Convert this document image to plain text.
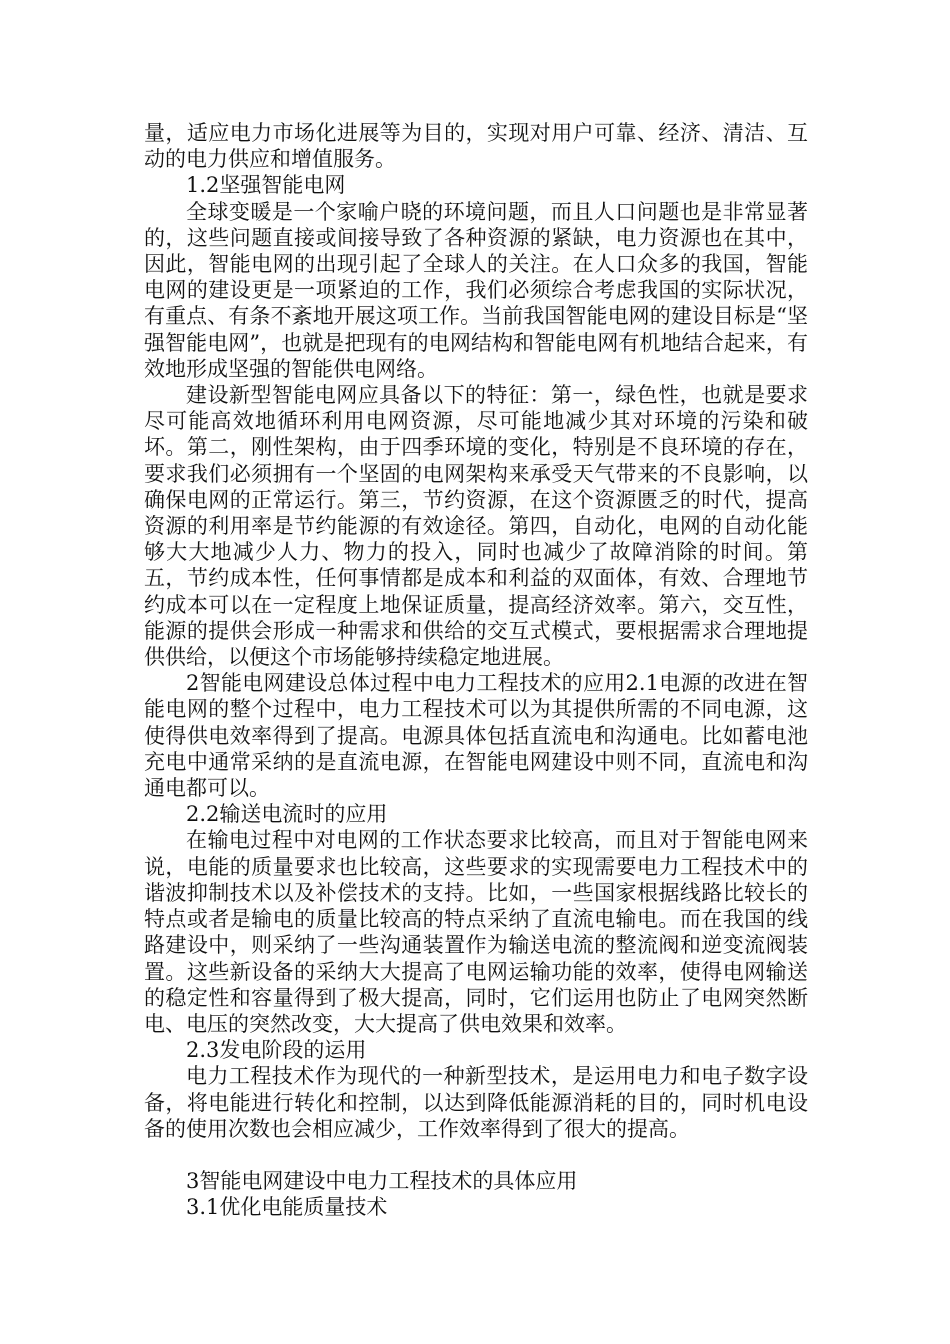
量，适应电力市场化进展等为目的，实现对用户可靠、经济、清洁、互动的电力供应和增值服务。

1.2坚强智能电网

全球变暖是一个家喻户晓的环境问题，而且人口问题也是非常显著的，这些问题直接或间接导致了各种资源的紧缺，电力资源也在其中，因此，智能电网的出现引起了全球人的关注。在人口众多的我国，智能电网的建设更是一项紧迫的工作，我们必须综合考虑我国的实际状况，有重点、有条不紊地开展这项工作。当前我国智能电网的建设目标是“坚强智能电网”，也就是把现有的电网结构和智能电网有机地结合起来，有效地形成坚强的智能供电网络。

建设新型智能电网应具备以下的特征：第一，绿色性，也就是要求尽可能高效地循环利用电网资源，尽可能地减少其对环境的污染和破坏。第二，刚性架构，由于四季环境的变化，特别是不良环境的存在，要求我们必须拥有一个坚固的电网架构来承受天气带来的不良影响，以确保电网的正常运行。第三，节约资源，在这个资源匮乏的时代，提高资源的利用率是节约能源的有效途径。第四，自动化，电网的自动化能够大大地减少人力、物力的投入，同时也减少了故障消除的时间。第五，节约成本性，任何事情都是成本和利益的双面体，有效、合理地节约成本可以在一定程度上地保证质量，提高经济效率。第六，交互性，能源的提供会形成一种需求和供给的交互式模式，要根据需求合理地提供供给，以便这个市场能够持续稳定地进展。

2智能电网建设总体过程中电力工程技术的应用2.1电源的改进在智能电网的整个过程中，电力工程技术可以为其提供所需的不同电源，这使得供电效率得到了提高。电源具体包括直流电和沟通电。比如蓄电池充电中通常采纳的是直流电源，在智能电网建设中则不同，直流电和沟通电都可以。

2.2输送电流时的应用

在输电过程中对电网的工作状态要求比较高，而且对于智能电网来说，电能的质量要求也比较高，这些要求的实现需要电力工程技术中的谐波抑制技术以及补偿技术的支持。比如，一些国家根据线路比较长的特点或者是输电的质量比较高的特点采纳了直流电输电。而在我国的线路建设中，则采纳了一些沟通装置作为输送电流的整流阀和逆变流阀装置。这些新设备的采纳大大提高了电网运输功能的效率，使得电网输送的稳定性和容量得到了极大提高，同时，它们运用也防止了电网突然断电、电压的突然改变，大大提高了供电效果和效率。

2.3发电阶段的运用

电力工程技术作为现代的一种新型技术，是运用电力和电子数字设备，将电能进行转化和控制，以达到降低能源消耗的目的，同时机电设备的使用次数也会相应减少，工作效率得到了很大的提高。

3智能电网建设中电力工程技术的具体应用

3.1优化电能质量技术
